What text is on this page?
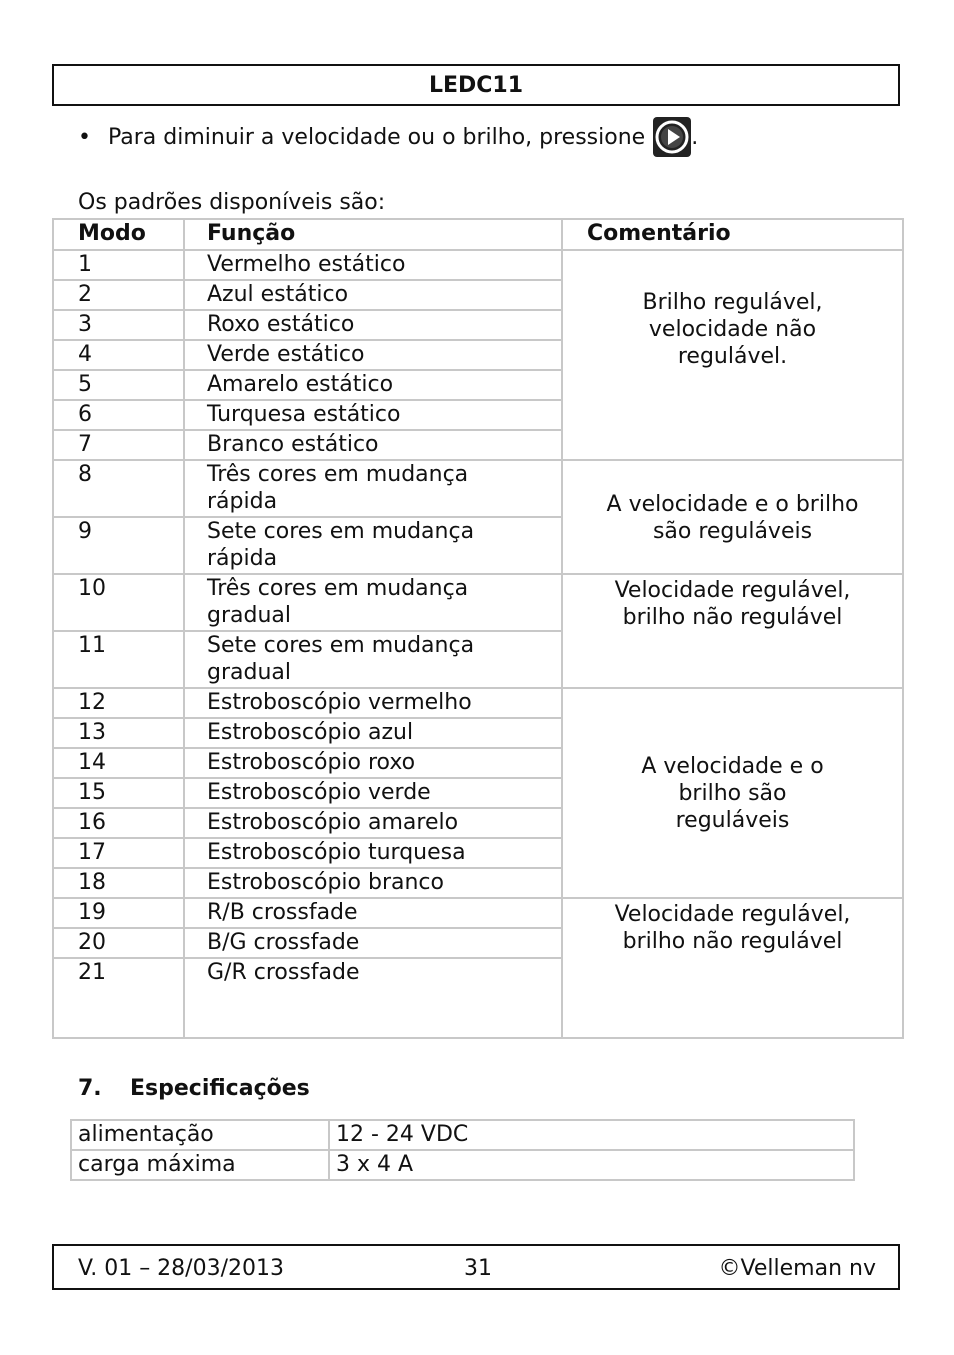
LEDC11
• Para diminuir a velocidade ou o brilho, pressione .
Os padrões disponíveis são:
Modo	Função	Comentário
1	Vermelho estático	Brilho regulável, velocidade não regulável.
2	Azul estático	
3	Roxo estático	
4	Verde estático	
5	Amarelo estático	
6	Turquesa estático	
7	Branco estático	
8	Três cores em mudança rápida	A velocidade e o brilho são reguláveis
9	Sete cores em mudança rápida	
10	Três cores em mudança gradual	Velocidade regulável, brilho não regulável
11	Sete cores em mudança gradual	
12	Estroboscópio vermelho	A velocidade e o brilho são reguláveis
13	Estroboscópio azul	
14	Estroboscópio roxo	
15	Estroboscópio verde	
16	Estroboscópio amarelo	
17	Estroboscópio turquesa	
18	Estroboscópio branco	
19	R/B crossfade	Velocidade regulável, brilho não regulável
20	B/G crossfade	
21	G/R crossfade	
7. Especificações
alimentação	12 - 24 VDC
carga máxima	3 x 4 A
V. 01 – 28/03/2013	31	©Velleman nv
